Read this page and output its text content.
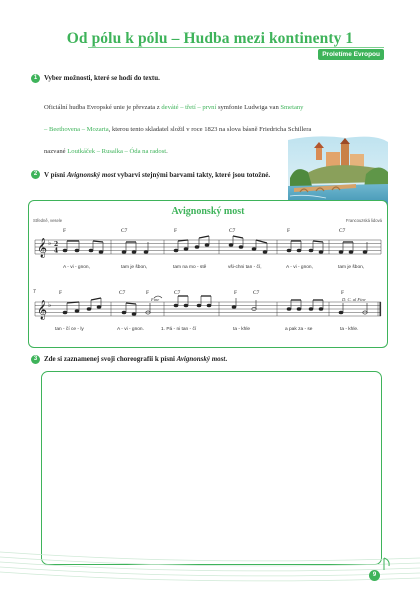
Od pólu k pólu – Hudba mezi kontinenty 1
Proletíme Evropou
1 Vyber možnosti, které se hodí do textu.
Oficiální hudba Evropské unie je převzata z deváté – třetí – první symfonie Ludwiga van Smetany
– Beethovena – Mozarta, kterou tento skladatel složil v roce 1823 na slova básně Friedricha Schillera
nazvané Loutkáček – Rusalka – Óda na radost.
2 V písni Avignonský most vybarvi stejnými barvami takty, které jsou totožné.
Avignonský most
Středně, vesele	Francouzská lidová
𝄞
𝄞
♭
♭
2
4
F	C7	F	C7	F	C7
A - vi - gnon,	tam je šbon,	tam na mo - stě	vši-chni tan - čí,	A - vi - gnon,	tam je šbon,
7	F	C7	F	C7	F	C7	F
Fine	D. C. al Fine
tan - čí ce - ly	A - vi - gnon.	1. Pá - ni tan - čí	ta - khle	a pak za - se	ta - khle.
3 Zde si zaznamenej svoji choreografii k písni Avignonský most.
9
